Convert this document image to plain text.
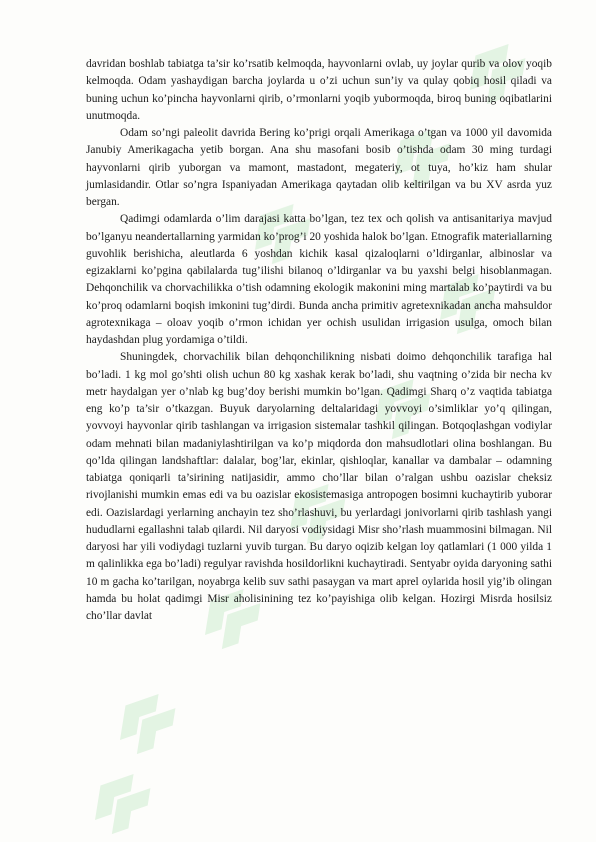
davridan boshlab tabiatga ta’sir ko’rsatib kelmoqda, hayvonlarni ovlab, uy joylar qurib va olov yoqib kelmoqda. Odam yashaydigan barcha joylarda u o’zi uchun sun’iy va qulay qobiq hosil qiladi va buning uchun ko’pincha hayvonlarni qirib, o’rmonlarni yoqib yubormoqda, biroq buning oqibatlarini unutmoqda.

Odam so’ngi paleolit davrida Bering ko’prigi orqali Amerikaga o’tgan va 1000 yil davomida Janubiy Amerikagacha yetib borgan. Ana shu masofani bosib o’tishda odam 30 ming turdagi hayvonlarni qirib yuborgan va mamont, mastadont, megateriy, ot tuya, ho’kiz ham shular jumlasidandir. Otlar so’ngra Ispaniyadan Amerikaga qaytadan olib keltirilgan va bu XV asrda yuz bergan.

Qadimgi odamlarda o’lim darajasi katta bo’lgan, tez tex och qolish va antisanitariya mavjud bo’lganyu neandertallarning yarmidan ko’prog’i 20 yoshida halok bo’lgan. Etnografik materiallarning guvohlik berishicha, aleutlarda 6 yoshdan kichik kasal qizaloqlarni o’ldirganlar, albinoslar va egizaklarni ko’pgina qabilalarda tug’ilishi bilanoq o’ldirganlar va bu yaxshi belgi hisoblanmagan. Dehqonchilik va chorvachilikka o’tish odamning ekologik makonini ming martalab ko’paytirdi va bu ko’proq odamlarni boqish imkonini tug’dirdi. Bunda ancha primitiv agretexnikadan ancha mahsuldor agrotexnikaga – oloav yoqib o’rmon ichidan yer ochish usulidan irrigasion usulga, omoch bilan haydashdan plug yordamiga o’tildi.

Shuningdek, chorvachilik bilan dehqonchilikning nisbati doimo dehqonchilik tarafiga hal bo’ladi. 1 kg mol go’shti olish uchun 80 kg xashak kerak bo’ladi, shu vaqtning o’zida bir necha kv metr haydalgan yer o’nlab kg bug’doy berishi mumkin bo’lgan. Qadimgi Sharq o’z vaqtida tabiatga eng ko’p ta’sir o’tkazgan. Buyuk daryolarning deltalaridagi yovvoyi o’simliklar yo’q qilingan, yovvoyi hayvonlar qirib tashlangan va irrigasion sistemalar tashkil qilingan. Botqoqlashgan vodiylar odam mehnati bilan madaniylashtirilgan va ko’p miqdorda don mahsudlotlari olina boshlangan. Bu qo’lda qilingan landshaftlar: dalalar, bog’lar, ekinlar, qishloqlar, kanallar va dambalar – odamning tabiatga qoniqarli ta’sirining natijasidir, ammo cho’llar bilan o’ralgan ushbu oazislar cheksiz rivojlanishi mumkin emas edi va bu oazislar ekosistemasiga antropogen bosimni kuchaytirib yuborar edi. Oazislardagi yerlarning anchayin tez sho’rlashuvi, bu yerlardagi jonivorlarni qirib tashlash yangi hududlarni egallashni talab qilardi. Nil daryosi vodiysidagi Misr sho’rlash muammosini bilmagan. Nil daryosi har yili vodiydagi tuzlarni yuvib turgan. Bu daryo oqizib kelgan loy qatlamlari (1 000 yilda 1 m qalinlikka ega bo’ladi) regulyar ravishda hosildorlikni kuchaytiradi. Sentyabr oyida daryoning sathi 10 m gacha ko’tarilgan, noyabrga kelib suv sathi pasaygan va mart aprel oylarida hosil yig’ib olingan hamda bu holat qadimgi Misr aholisinining tez ko’payishiga olib kelgan. Hozirgi Misrda hosilsiz cho’llar davlat
